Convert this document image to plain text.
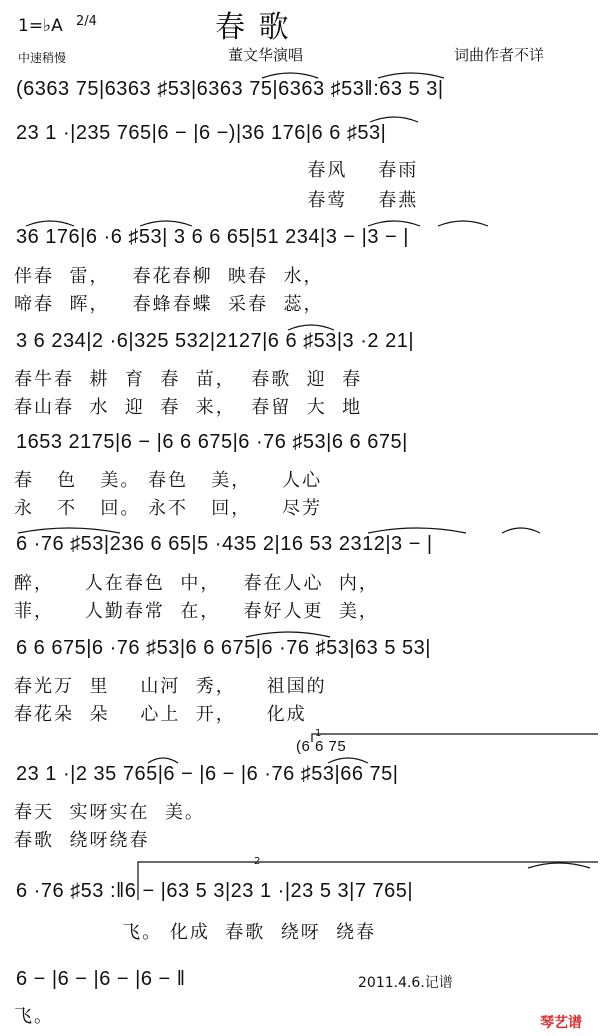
1=♭A 2/4
中速稍慢
春 歌
董文华演唱	词曲作者不详
(6363 75|6363 ♯53|6363 75|6363 ♯53‖:63 5 3|
23 1 ·|235 765|6 − |6 −)|36 176|6 6 ♯53|
春风    春雨
春莺    春燕
36 176|6 ·6 ♯53| 3 6 6 65|51 234|3 − |3 − |
伴春  雷，   春花春柳  映春  水，
啼春  晖，   春蜂春蝶  采春  蕊，
3 6 234|2 ·6|325 532|2127|6 6 ♯53|3 ·2 21|
春牛春  耕  育  春  苗，  春歌  迎  春
春山春  水  迎  春  来，  春留  大  地
1653 2175|6 − |6 6 675|6 ·76 ♯53|6 6 675|
春   色   美。 春色   美，    人心
永   不   回。 永不   回，    尽芳
6 ·76 ♯53|236 6 65|5 ·435 2|16 53 2312|3 − |
醉，    人在春色  中，   春在人心  内，
菲，    人勤春常  在，   春好人更  美，
6 6 675|6 ·76 ♯53|6 6 675|6 ·76 ♯53|63 5 53|
春光万  里    山河  秀，    祖国的
春花朵  朵    心上  开，    化成
1
(6 6 75
23 1 ·|2 35 765|6 − |6 − |6 ·76 ♯53|66 75|
春天  实呀实在  美。
春歌  绕呀绕春
2
6 ·76 ♯53 :‖6 − |63 5 3|23 1 ·|23 5 3|7 765|
飞。 化成  春歌  绕呀  绕春
6 − |6 − |6 − |6 − ‖
飞。
2011.4.6.记谱
琴艺谱
